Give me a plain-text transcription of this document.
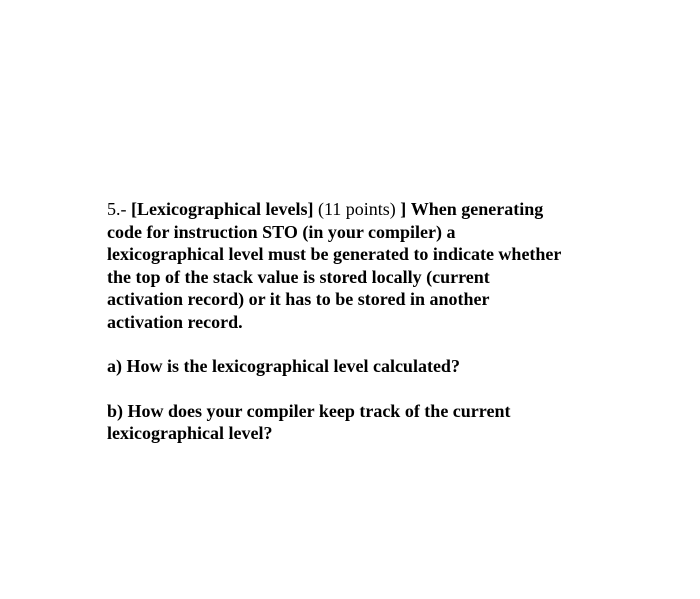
5.- [Lexicographical levels] (11 points) ] When generating
code for instruction STO (in your compiler) a
lexicographical level must be generated to indicate whether
the top of the stack value is stored locally (current
activation record) or it has to be stored in another
activation record.
a) How is the lexicographical level calculated?
b) How does your compiler keep track of the current
lexicographical level?
